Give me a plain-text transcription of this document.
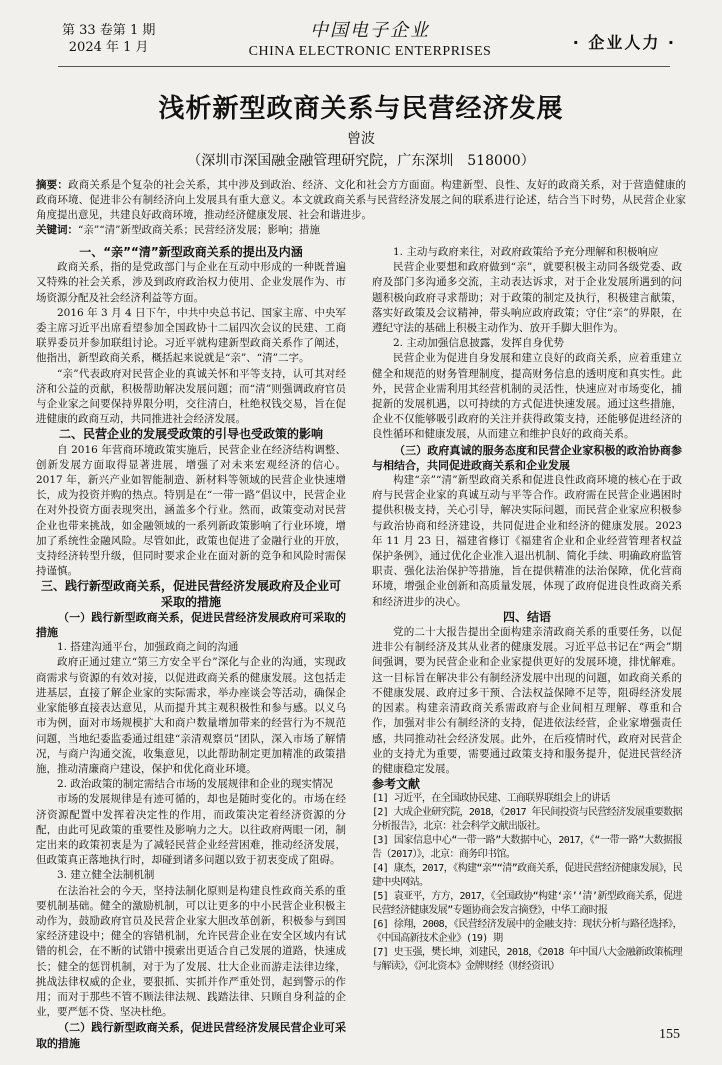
第 33 卷第 1 期
2024 年 1 月
中国电子企业
CHINA ELECTRONIC ENTERPRISES	· 企业人力 ·
浅析新型政商关系与民营经济发展
曾波
（深圳市深国融金融管理研究院，广东深圳　518000）
摘要：政商关系是个复杂的社会关系，其中涉及到政治、经济、文化和社会方方面面。构建新型、良性、友好的政商关系，对于营造健康的政商环境、促进非公有制经济向上发展具有重大意义。本文就政商关系与民营经济发展之间的联系进行论述，结合当下时势，从民营企业家角度提出意见，共建良好政商环境，推动经济健康发展、社会和谐进步。
关键词：“亲”“清”新型政商关系；民营经济发展；影响；措施

一、“亲”“清”新型政商关系的提出及内涵

政商关系，指的是党政部门与企业在互动中形成的一种既普遍又特殊的社会关系，涉及到政府政治权力使用、企业发展作为、市场资源分配及社会经济利益等方面。

2016 年 3 月 4 日下午，中共中央总书记、国家主席、中央军委主席习近平出席看望参加全国政协十二届四次会议的民建、工商联界委员并参加联组讨论。习近平就构建新型政商关系作了阐述，他指出，新型政商关系，概括起来说就是“亲”、“清”二字。

“亲”代表政府对民营企业的真诚关怀和平等支持，认可其对经济和公益的贡献，积极帮助解决发展问题；而“清”则强调政府官员与企业家之间要保持界限分明，交往清白，杜绝权钱交易，旨在促进健康的政商互动，共同推进社会经济发展。

二、民营企业的发展受政策的引导也受政策的影响

自 2016 年营商环境政策实施后，民营企业在经济结构调整、创新发展方面取得显著进展，增强了对未来宏观经济的信心。2017 年，新兴产业如智能制造、新材料等领域的民营企业快速增长，成为投资并购的热点。特别是在“一带一路”倡议中，民营企业在对外投资方面表现突出，涵盖多个行业。然而，政策变动对民营企业也带来挑战，如金融领域的一系列新政策影响了行业环境，增加了系统性金融风险。尽管如此，政策也促进了金融行业的开放，支持经济转型升级，但同时要求企业在面对新的竞争和风险时需保持谨慎。

三、践行新型政商关系，促进民营经济发展政府及企业可采取的措施

（一）践行新型政商关系，促进民营经济发展政府可采取的措施

1. 搭建沟通平台，加强政商之间的沟通

政府正通过建立“第三方安全平台”深化与企业的沟通，实现政商需求与资源的有效对接，以促进政商关系的健康发展。这包括走进基层，直接了解企业家的实际需求，举办座谈会等活动，确保企业家能够直接表达意见，从而提升其主观积极性和参与感。以义乌市为例，面对市场规模扩大和商户数量增加带来的经营行为不规范问题，当地纪委监委通过组建“亲清观察员”团队，深入市场了解情况，与商户沟通交流，收集意见，以此帮助制定更加精准的政策措施，推动清廉商户建设，保护和优化商业环境。

2. 政治政策的制定需结合市场的发展规律和企业的现实情况

市场的发展规律是有迹可循的，却也是随时变化的。市场在经济资源配置中发挥着决定性的作用，而政策决定着经济资源的分配，由此可见政策的重要性及影响力之大。以往政府两眼一闭，制定出来的政策初衷是为了减轻民营企业经营困难，推动经济发展，但政策真正落地执行时，却碰到诸多问题以致于初衷变成了阻碍。

3. 建立健全法制机制

在法治社会的今天，坚持法制化原则是构建良性政商关系的重要机制基础。健全的激励机制，可以让更多的中小民营企业积极主动作为，鼓励政府官员及民营企业家大胆改革创新，积极参与到国家经济建设中；健全的容错机制，允许民营企业在安全区域内有试错的机会，在不断的试错中摸索出更适合自己发展的道路，快速成长；健全的惩罚机制，对于为了发展、壮大企业而游走法律边缘，挑战法律权威的企业，要狠抓、实抓并作严重处罚，起到警示的作用；而对于那些不管不顾法律法规、践踏法律、只顾自身利益的企业，要严惩不贷、坚决杜绝。

（二）践行新型政商关系，促进民营经济发展民营企业可采取的措施

1. 主动与政府来往，对政府政策给予充分理解和积极响应

民营企业要想和政府做到“亲”，就要积极主动同各级党委、政府及部门多沟通多交流，主动表达诉求，对于企业发展所遇到的问题积极向政府寻求帮助；对于政策的制定及执行，积极建言献策，落实好政策及会议精神，带头响应政府政策；守住“亲”的界限，在遵纪守法的基础上积极主动作为、放开手脚大胆作为。

2. 主动加强信息披露，发挥自身优势

民营企业为促进自身发展和建立良好的政商关系，应着重建立健全和规范的财务管理制度，提高财务信息的透明度和真实性。此外，民营企业需利用其经营机制的灵活性，快速应对市场变化，捕捉新的发展机遇，以可持续的方式促进快速发展。通过这些措施，企业不仅能够吸引政府的关注并获得政策支持，还能够促进经济的良性循环和健康发展，从而建立和维护良好的政商关系。

（三）政府真诚的服务态度和民营企业家积极的政治协商参与相结合，共同促进政商关系和企业发展

构建“亲”“清”新型政商关系和促进良性政商环境的核心在于政府与民营企业家的真诚互动与平等合作。政府需在民营企业遇困时提供积极支持，关心引导，解决实际问题，而民营企业家应积极参与政治协商和经济建设，共同促进企业和经济的健康发展。2023 年 11 月 23 日，福建省修订《福建省企业和企业经营管理者权益保护条例》，通过优化企业准入退出机制、简化手续、明确政府监管职责、强化法治保护等措施，旨在提供精准的法治保障，优化营商环境，增强企业创新和高质量发展，体现了政府促进良性政商关系和经济进步的决心。

四、结语

党的二十大报告提出全面构建亲清政商关系的重要任务，以促进非公有制经济及其从业者的健康发展。习近平总书记在“两会”期间强调，要为民营企业和企业家提供更好的发展环境，排忧解难。这一目标旨在解决非公有制经济发展中出现的问题，如政商关系的不健康发展、政府过多干预、合法权益保障不足等，阻碍经济发展的因素。构建亲清政商关系需政府与企业间相互理解、尊重和合作，加强对非公有制经济的支持，促进依法经营，企业家增强责任感，共同推动社会经济发展。此外，在后疫情时代，政府对民营企业的支持尤为重要，需要通过政策支持和服务提升，促进民营经济的健康稳定发展。

参考文献

[1] 习近平，在全国政协民建、工商联界联组会上的讲话

[2] 大成企业研究院，2018，《2017 年民间投资与民营经济发展重要数据分析报告》，北京：社会科学文献出版社。

[3] 国家信息中心“一带一路”大数据中心，2017，《“一带一路”大数据报告（2017）》，北京：商务印书馆。

[4] 康杰，2017，《构建“亲”“清”政商关系，促进民营经济健康发展》，民建中央网站。

[5] 袁亚平，方方，2017，《全国政协“构建‘亲’‘清’新型政商关系，促进民营经济健康发展”专题协商会发言摘登》，中华工商时报

[6] 徐翔，2008，《民营经济发展中的金融支持：现状分析与路径选择》，《中国高新技术企业》(19) 期

[7] 史玉强，樊长坤，刘建民，2018，《2018 年中国八大金融新政策梳理与解读》，《河北资本》金牌财经（财经资讯）

155
